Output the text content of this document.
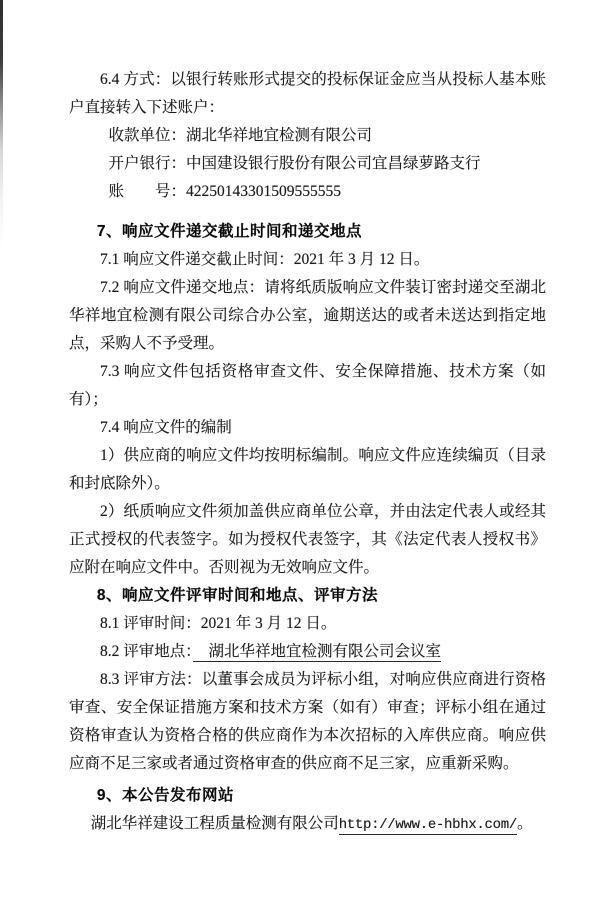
6.4 方式：以银行转账形式提交的投标保证金应当从投标人基本账户直接转入下述账户：

收款单位：湖北华祥地宜检测有限公司

开户银行：中国建设银行股份有限公司宜昌绿萝路支行

账　　号：42250143301509555555

7、响应文件递交截止时间和递交地点

7.1 响应文件递交截止时间：2021 年 3 月 12 日。

7.2 响应文件递交地点：请将纸质版响应文件装订密封递交至湖北华祥地宜检测有限公司综合办公室，逾期送达的或者未送达到指定地点，采购人不予受理。

7.3 响应文件包括资格审查文件、安全保障措施、技术方案（如有）；

7.4 响应文件的编制

1）供应商的响应文件均按明标编制。响应文件应连续编页（目录和封底除外）。

2）纸质响应文件须加盖供应商单位公章，并由法定代表人或经其正式授权的代表签字。如为授权代表签字，其《法定代表人授权书》应附在响应文件中。否则视为无效响应文件。

8、响应文件评审时间和地点、评审方法

8.1 评审时间：2021 年 3 月 12 日。

8.2 评审地点：　湖北华祥地宜检测有限公司会议室

8.3 评审方法：以董事会成员为评标小组，对响应供应商进行资格审查、安全保证措施方案和技术方案（如有）审查；评标小组在通过资格审查认为资格合格的供应商作为本次招标的入库供应商。响应供应商不足三家或者通过资格审查的供应商不足三家，应重新采购。

9、本公告发布网站

湖北华祥建设工程质量检测有限公司http://www.e-hbhx.com/。
